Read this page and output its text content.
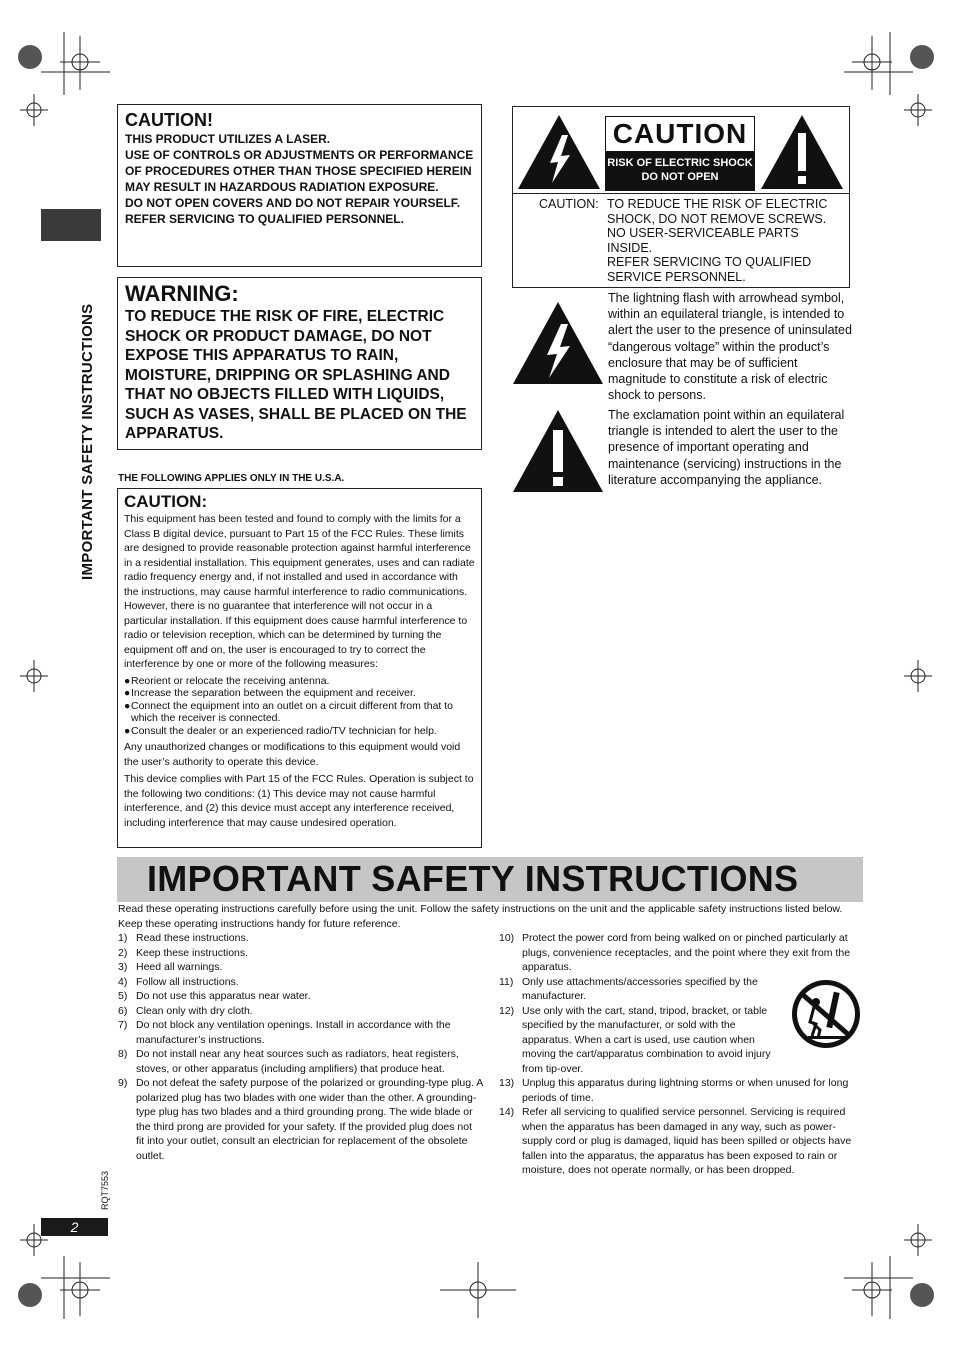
IMPORTANT SAFETY INSTRUCTIONS
CAUTION!
THIS PRODUCT UTILIZES A LASER.
USE OF CONTROLS OR ADJUSTMENTS OR PERFORMANCE OF PROCEDURES OTHER THAN THOSE SPECIFIED HEREIN MAY RESULT IN HAZARDOUS RADIATION EXPOSURE.
DO NOT OPEN COVERS AND DO NOT REPAIR YOURSELF. REFER SERVICING TO QUALIFIED PERSONNEL.
WARNING:
TO REDUCE THE RISK OF FIRE, ELECTRIC SHOCK OR PRODUCT DAMAGE, DO NOT EXPOSE THIS APPARATUS TO RAIN, MOISTURE, DRIPPING OR SPLASHING AND THAT NO OBJECTS FILLED WITH LIQUIDS, SUCH AS VASES, SHALL BE PLACED ON THE APPARATUS.
THE FOLLOWING APPLIES ONLY IN THE U.S.A.
CAUTION:
This equipment has been tested and found to comply with the limits for a Class B digital device, pursuant to Part 15 of the FCC Rules. These limits are designed to provide reasonable protection against harmful interference in a residential installation. This equipment generates, uses and can radiate radio frequency energy and, if not installed and used in accordance with the instructions, may cause harmful interference to radio communications. However, there is no guarantee that interference will not occur in a particular installation. If this equipment does cause harmful interference to radio or television reception, which can be determined by turning the equipment off and on, the user is encouraged to try to correct the interference by one or more of the following measures:
● Reorient or relocate the receiving antenna.
● Increase the separation between the equipment and receiver.
● Connect the equipment into an outlet on a circuit different from that to which the receiver is connected.
● Consult the dealer or an experienced radio/TV technician for help.
Any unauthorized changes or modifications to this equipment would void the user’s authority to operate this device.
This device complies with Part 15 of the FCC Rules. Operation is subject to the following two conditions: (1) This device may not cause harmful interference, and (2) this device must accept any interference received, including interference that may cause undesired operation.
CAUTION
RISK OF ELECTRIC SHOCK
DO NOT OPEN
CAUTION: TO REDUCE THE RISK OF ELECTRIC SHOCK, DO NOT REMOVE SCREWS. NO USER-SERVICEABLE PARTS INSIDE.
REFER SERVICING TO QUALIFIED SERVICE PERSONNEL.
The lightning flash with arrowhead symbol, within an equilateral triangle, is intended to alert the user to the presence of uninsulated “dangerous voltage” within the product’s enclosure that may be of sufficient magnitude to constitute a risk of electric shock to persons.
The exclamation point within an equilateral triangle is intended to alert the user to the presence of important operating and maintenance (servicing) instructions in the literature accompanying the appliance.
IMPORTANT SAFETY INSTRUCTIONS
Read these operating instructions carefully before using the unit. Follow the safety instructions on the unit and the applicable safety instructions listed below. Keep these operating instructions handy for future reference.
1) Read these instructions.
2) Keep these instructions.
3) Heed all warnings.
4) Follow all instructions.
5) Do not use this apparatus near water.
6) Clean only with dry cloth.
7) Do not block any ventilation openings. Install in accordance with the manufacturer’s instructions.
8) Do not install near any heat sources such as radiators, heat registers, stoves, or other apparatus (including amplifiers) that produce heat.
9) Do not defeat the safety purpose of the polarized or grounding-type plug. A polarized plug has two blades with one wider than the other. A grounding-type plug has two blades and a third grounding prong. The wide blade or the third prong are provided for your safety. If the provided plug does not fit into your outlet, consult an electrician for replacement of the obsolete outlet.
10) Protect the power cord from being walked on or pinched particularly at plugs, convenience receptacles, and the point where they exit from the apparatus.
11) Only use attachments/accessories specified by the manufacturer.
12) Use only with the cart, stand, tripod, bracket, or table specified by the manufacturer, or sold with the apparatus. When a cart is used, use caution when moving the cart/apparatus combination to avoid injury from tip-over.
13) Unplug this apparatus during lightning storms or when unused for long periods of time.
14) Refer all servicing to qualified service personnel. Servicing is required when the apparatus has been damaged in any way, such as power-supply cord or plug is damaged, liquid has been spilled or objects have fallen into the apparatus, the apparatus has been exposed to rain or moisture, does not operate normally, or has been dropped.
RQT7553
2
